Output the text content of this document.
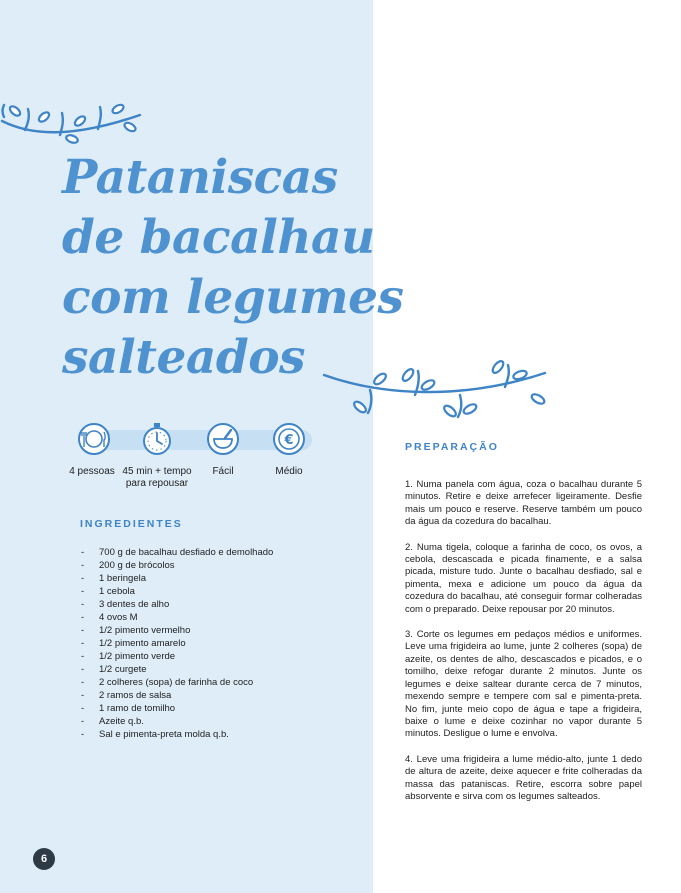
Pataniscas
de bacalhau
com legumes
salteados
€
4 pessoas 45 min + tempo para repousar
Fácil	Médio
INGREDIENTES
- 700 g de bacalhau desfiado e demolhado
- 200 g de brócolos
- 1 beringela
- 1 cebola
- 3 dentes de alho
- 4 ovos M
- 1/2 pimento vermelho
- 1/2 pimento amarelo
- 1/2 pimento verde
- 1/2 curgete
- 2 colheres (sopa) de farinha de coco
- 2 ramos de salsa
- 1 ramo de tomilho
- Azeite q.b.
- Sal e pimenta-preta molda q.b.
PREPARAÇÃO

1. Numa panela com água, coza o bacalhau durante 5 minutos. Retire e deixe arrefecer ligeiramente. Desfie mais um pouco e reserve. Reserve também um pouco da água da cozedura do bacalhau.

2. Numa tigela, coloque a farinha de coco, os ovos, a cebola, descascada e picada finamente, e a salsa picada, misture tudo. Junte o bacalhau desfiado, sal e pimenta, mexa e adicione um pouco da água da cozedura do bacalhau, até conseguir formar colheradas com o preparado. Deixe repousar por 20 minutos.

3. Corte os legumes em pedaços médios e uniformes. Leve uma frigideira ao lume, junte 2 colheres (sopa) de azeite, os dentes de alho, descascados e picados, e o tomilho, deixe refogar durante 2 minutos. Junte os legumes e deixe saltear durante cerca de 7 minutos, mexendo sempre e tempere com sal e pimenta-preta. No fim, junte meio copo de água e tape a frigideira, baixe o lume e deixe cozinhar no vapor durante 5 minutos. Desligue o lume e envolva.

4. Leve uma frigideira a lume médio-alto, junte 1 dedo de altura de azeite, deixe aquecer e frite colheradas da massa das pataniscas. Retire, escorra sobre papel absorvente e sirva com os legumes salteados.

6
